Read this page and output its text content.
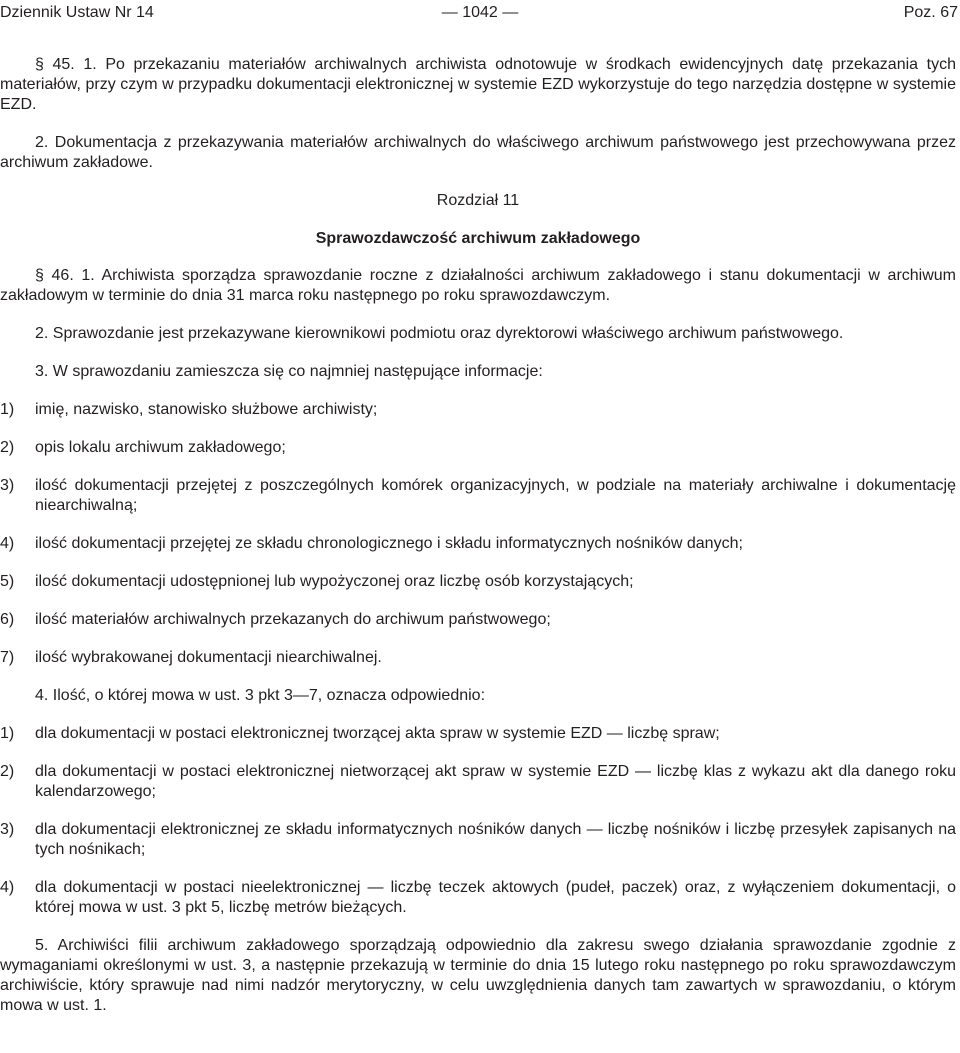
Dziennik Ustaw Nr 14	— 1042 —	Poz. 67

§ 45. 1. Po przekazaniu materiałów archiwalnych archiwista odnotowuje w środkach ewidencyjnych datę przekazania tych materiałów, przy czym w przypadku dokumentacji elektronicznej w systemie EZD wykorzystuje do tego narzędzia dostępne w systemie EZD.

2. Dokumentacja z przekazywania materiałów archiwalnych do właściwego archiwum państwowego jest przechowywana przez archiwum zakładowe.

Rozdział 11
Sprawozdawczość archiwum zakładowego

§ 46. 1. Archiwista sporządza sprawozdanie roczne z działalności archiwum zakładowego i stanu dokumentacji w archiwum zakładowym w terminie do dnia 31 marca roku następnego po roku sprawozdawczym.

2. Sprawozdanie jest przekazywane kierownikowi podmiotu oraz dyrektorowi właściwego archiwum państwowego.

3. W sprawozdaniu zamieszcza się co najmniej następujące informacje:

1) imię, nazwisko, stanowisko służbowe archiwisty;

2) opis lokalu archiwum zakładowego;

3) ilość dokumentacji przejętej z poszczególnych komórek organizacyjnych, w podziale na materiały archiwalne i dokumentację niearchiwalną;

4) ilość dokumentacji przejętej ze składu chronologicznego i składu informatycznych nośników danych;

5) ilość dokumentacji udostępnionej lub wypożyczonej oraz liczbę osób korzystających;

6) ilość materiałów archiwalnych przekazanych do archiwum państwowego;

7) ilość wybrakowanej dokumentacji niearchiwalnej.

4. Ilość, o której mowa w ust. 3 pkt 3—7, oznacza odpowiednio:

1) dla dokumentacji w postaci elektronicznej tworzącej akta spraw w systemie EZD — liczbę spraw;

2) dla dokumentacji w postaci elektronicznej nietworzącej akt spraw w systemie EZD — liczbę klas z wykazu akt dla danego roku kalendarzowego;

3) dla dokumentacji elektronicznej ze składu informatycznych nośników danych — liczbę nośników i liczbę przesyłek zapisanych na tych nośnikach;

4) dla dokumentacji w postaci nieelektronicznej — liczbę teczek aktowych (pudeł, paczek) oraz, z wyłączeniem dokumentacji, o której mowa w ust. 3 pkt 5, liczbę metrów bieżących.

5. Archiwiści filii archiwum zakładowego sporządzają odpowiednio dla zakresu swego działania sprawozdanie zgodnie z wymaganiami określonymi w ust. 3, a następnie przekazują w terminie do dnia 15 lutego roku następnego po roku sprawozdawczym archiwiście, który sprawuje nad nimi nadzór merytoryczny, w celu uwzględnienia danych tam zawartych w sprawozdaniu, o którym mowa w ust. 1.
